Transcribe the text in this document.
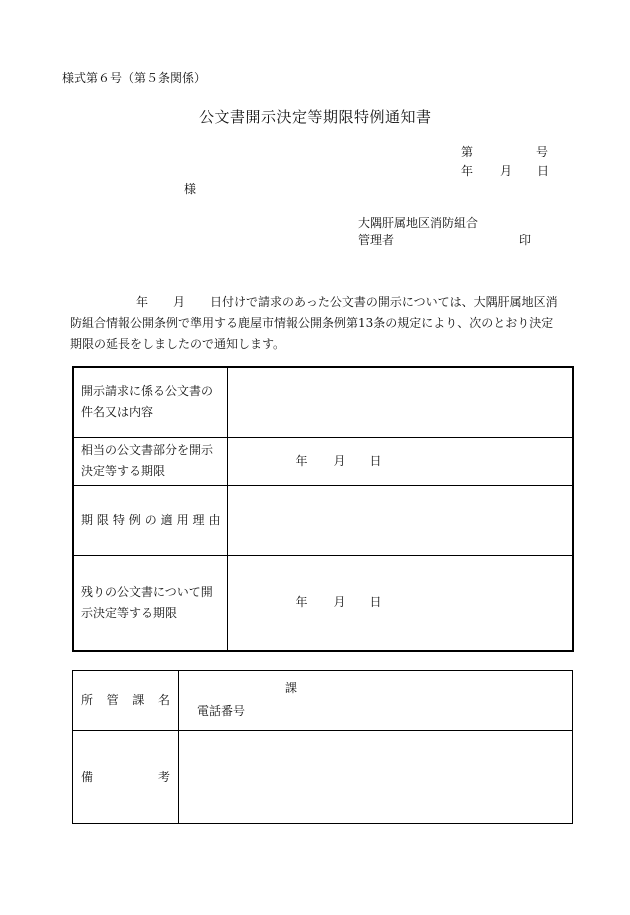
様式第６号（第５条関係）
公文書開示決定等期限特例通知書
第	号
年 月 日
様
大隅肝属地区消防組合
管理者	印
年 月 日付けで請求のあった公文書の開示については、大隅肝属地区消
防組合情報公開条例で準用する鹿屋市情報公開条例第13条の規定により、次のとおり決定
期限の延長をしましたので通知します。
開示請求に係る公文書の
件名又は内容	

相当の公文書部分を開示
決定等する期限	年 月 日

期限特例の適用理由	

残りの公文書について開
示決定等する期限	年 月 日
所管課名	課
電話番号

備 考	
